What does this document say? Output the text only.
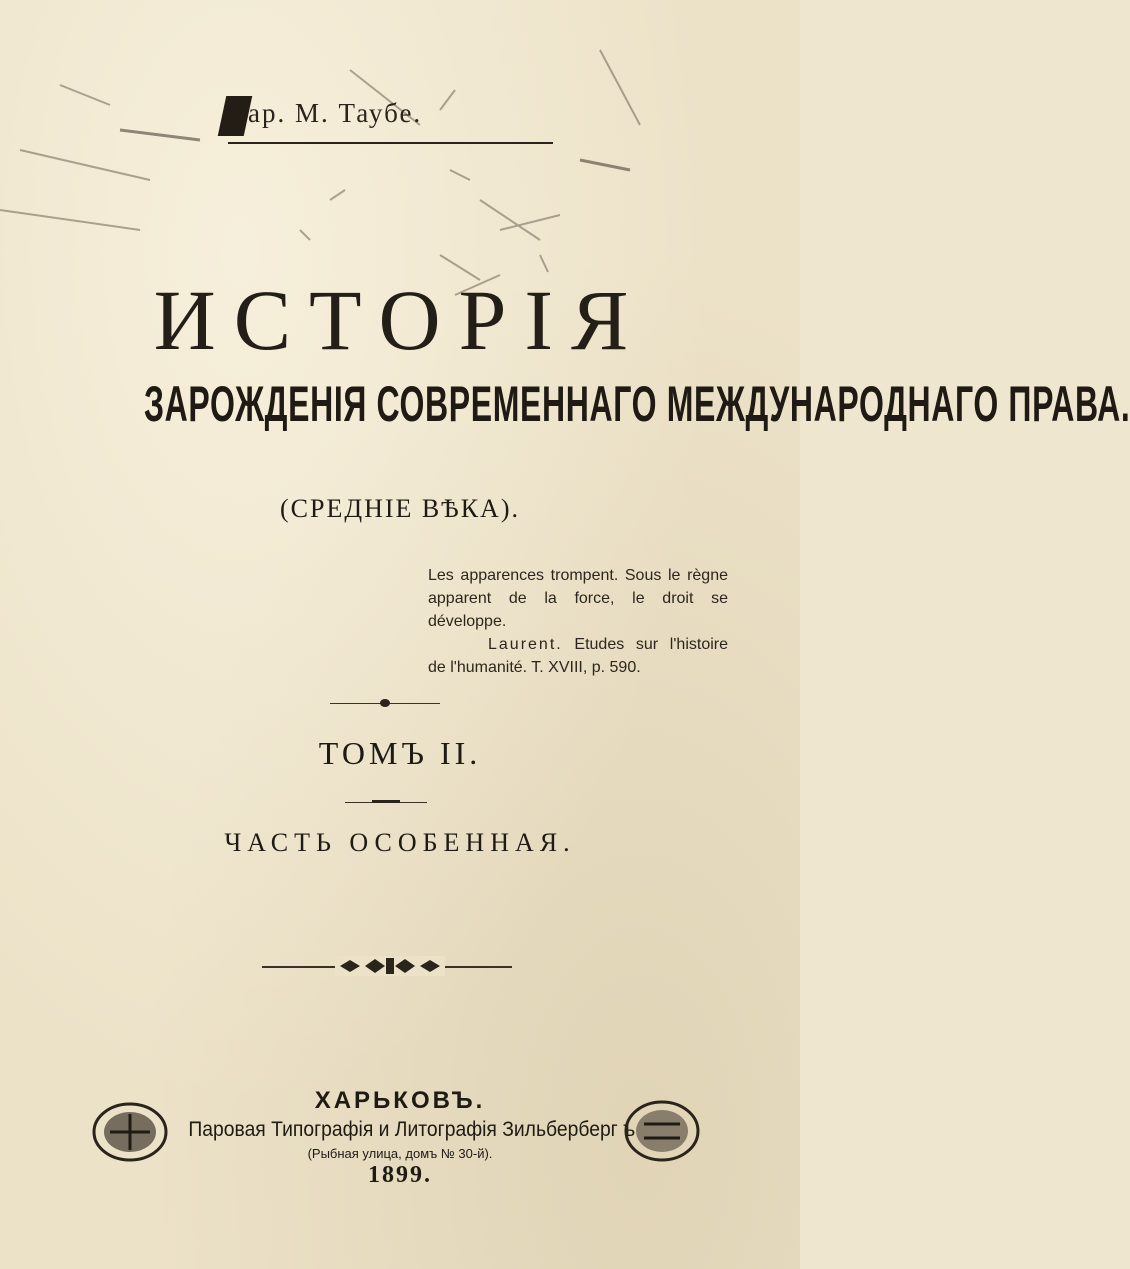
ар. М. Таубе.
ИСТОРІЯ
ЗАРОЖДЕНІЯ СОВРЕМЕННАГО МЕЖДУНАРОДНАГО ПРАВА.
(СРЕДНІЕ ВѢКА).
Les apparences trompent. Sous le règne apparent de la force, le droit se développe.
Laurent. Etudes sur l'histoire de l'humanité. T. XVIII, p. 590.
ТОМЪ II.
ЧАСТЬ ОСОБЕННАЯ.
ХАРЬКОВЪ.
Паровая Типографія и Литографія Зильберберг ъ
(Рыбная улица, домъ № 30-й).
1899.
